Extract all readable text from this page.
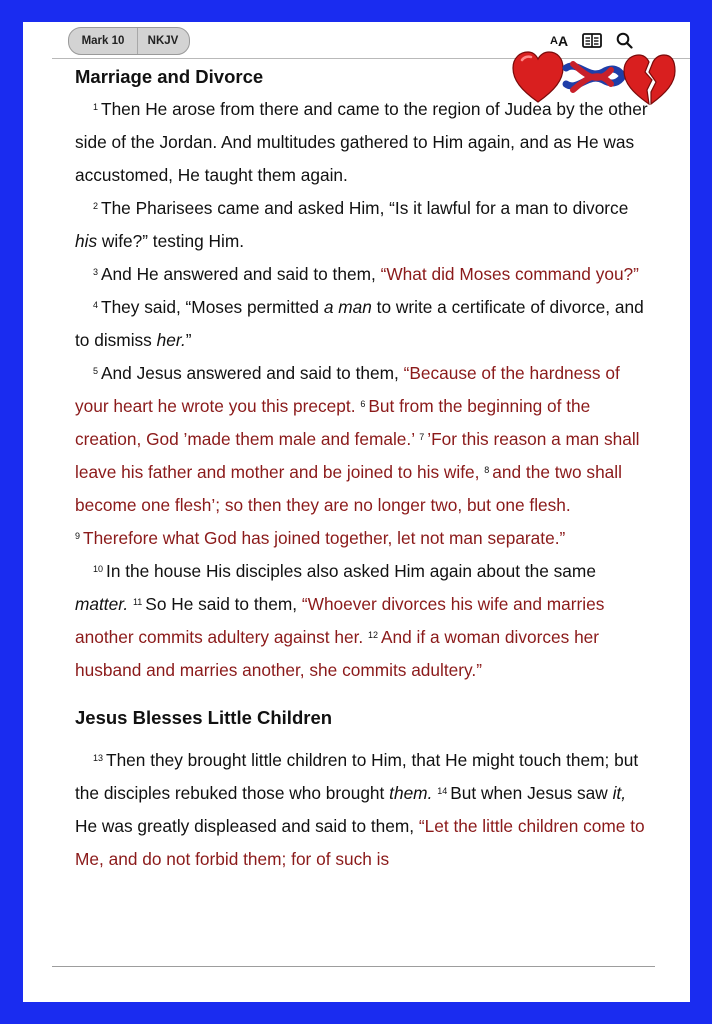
Mark 10	NKJV	A A
Marriage and Divorce

$^1$ Then He arose from there and came to the region of Judea by the other side of the Jordan. And multitudes gathered to Him again, and as He was accustomed, He taught them again.

$^2$ The Pharisees came and asked Him, “Is it lawful for a man to divorce his wife?” testing Him.

$^3$ And He answered and said to them, “What did Moses command you?”

$^4$ They said, “Moses permitted a man to write a certificate of divorce, and to dismiss her.”

$^5$ And Jesus answered and said to them, “Because of the hardness of your heart he wrote you this precept. $^6$ But from the beginning of the creation, God ’made them male and female.’ $^7$ ’For this reason a man shall leave his father and mother and be joined to his wife, $^8$ and the two shall become one flesh’; so then they are no longer two, but one flesh. $^9$ Therefore what God has joined together, let not man separate.”

$^{10}$ In the house His disciples also asked Him again about the same matter. $^{11}$ So He said to them, “Whoever divorces his wife and marries another commits adultery against her. $^{12}$ And if a woman divorces her husband and marries another, she commits adultery.”

Jesus Blesses Little Children

$^{13}$ Then they brought little children to Him, that He might touch them; but the disciples rebuked those who brought them. $^{14}$ But when Jesus saw it, He was greatly displeased and said to them, “Let the little children come to Me, and do not forbid them; for of such is
